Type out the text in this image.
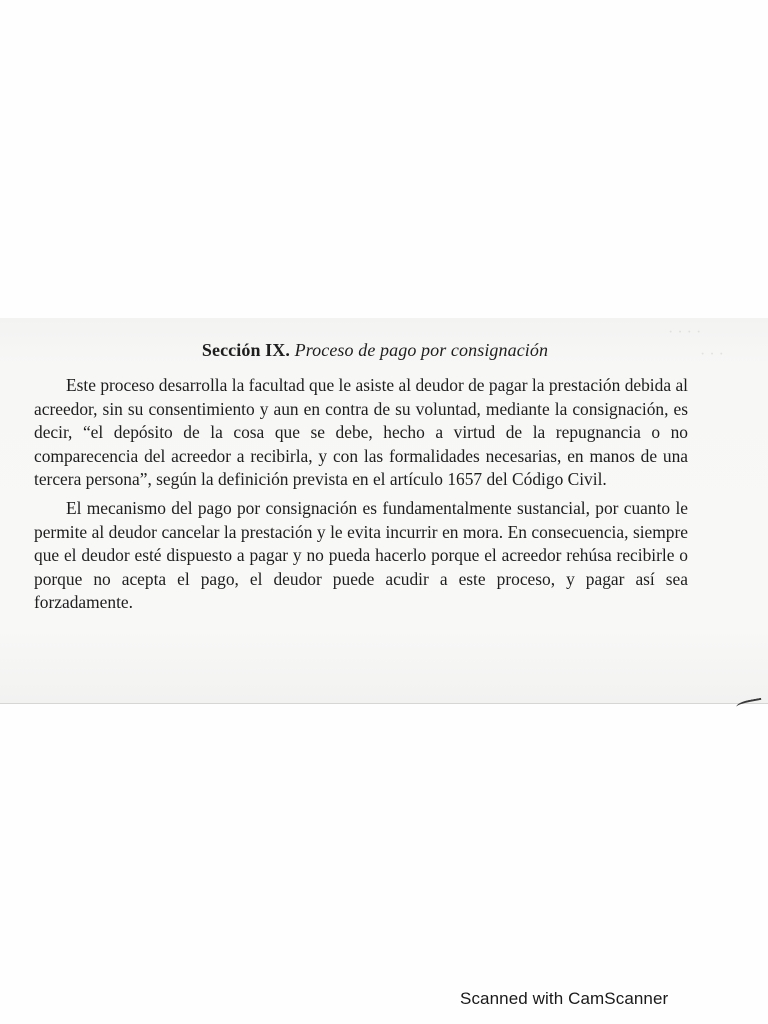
· · · ·
· · ·
Sección IX. Proceso de pago por consignación

Este proceso desarrolla la facultad que le asiste al deudor de pagar la prestación debida al acreedor, sin su consentimiento y aun en contra de su voluntad, mediante la consignación, es decir, “el depósito de la cosa que se debe, hecho a virtud de la repugnancia o no comparecencia del acreedor a recibirla, y con las formalidades necesarias, en manos de una tercera persona”, según la definición prevista en el artículo 1657 del Código Civil.

El mecanismo del pago por consignación es fundamentalmente sustancial, por cuanto le permite al deudor cancelar la prestación y le evita incurrir en mora. En consecuencia, siempre que el deudor esté dispuesto a pagar y no pueda hacerlo porque el acreedor rehúsa recibirle o porque no acepta el pago, el deudor puede acudir a este proceso, y pagar así sea forzadamente.

Scanned with CamScanner
